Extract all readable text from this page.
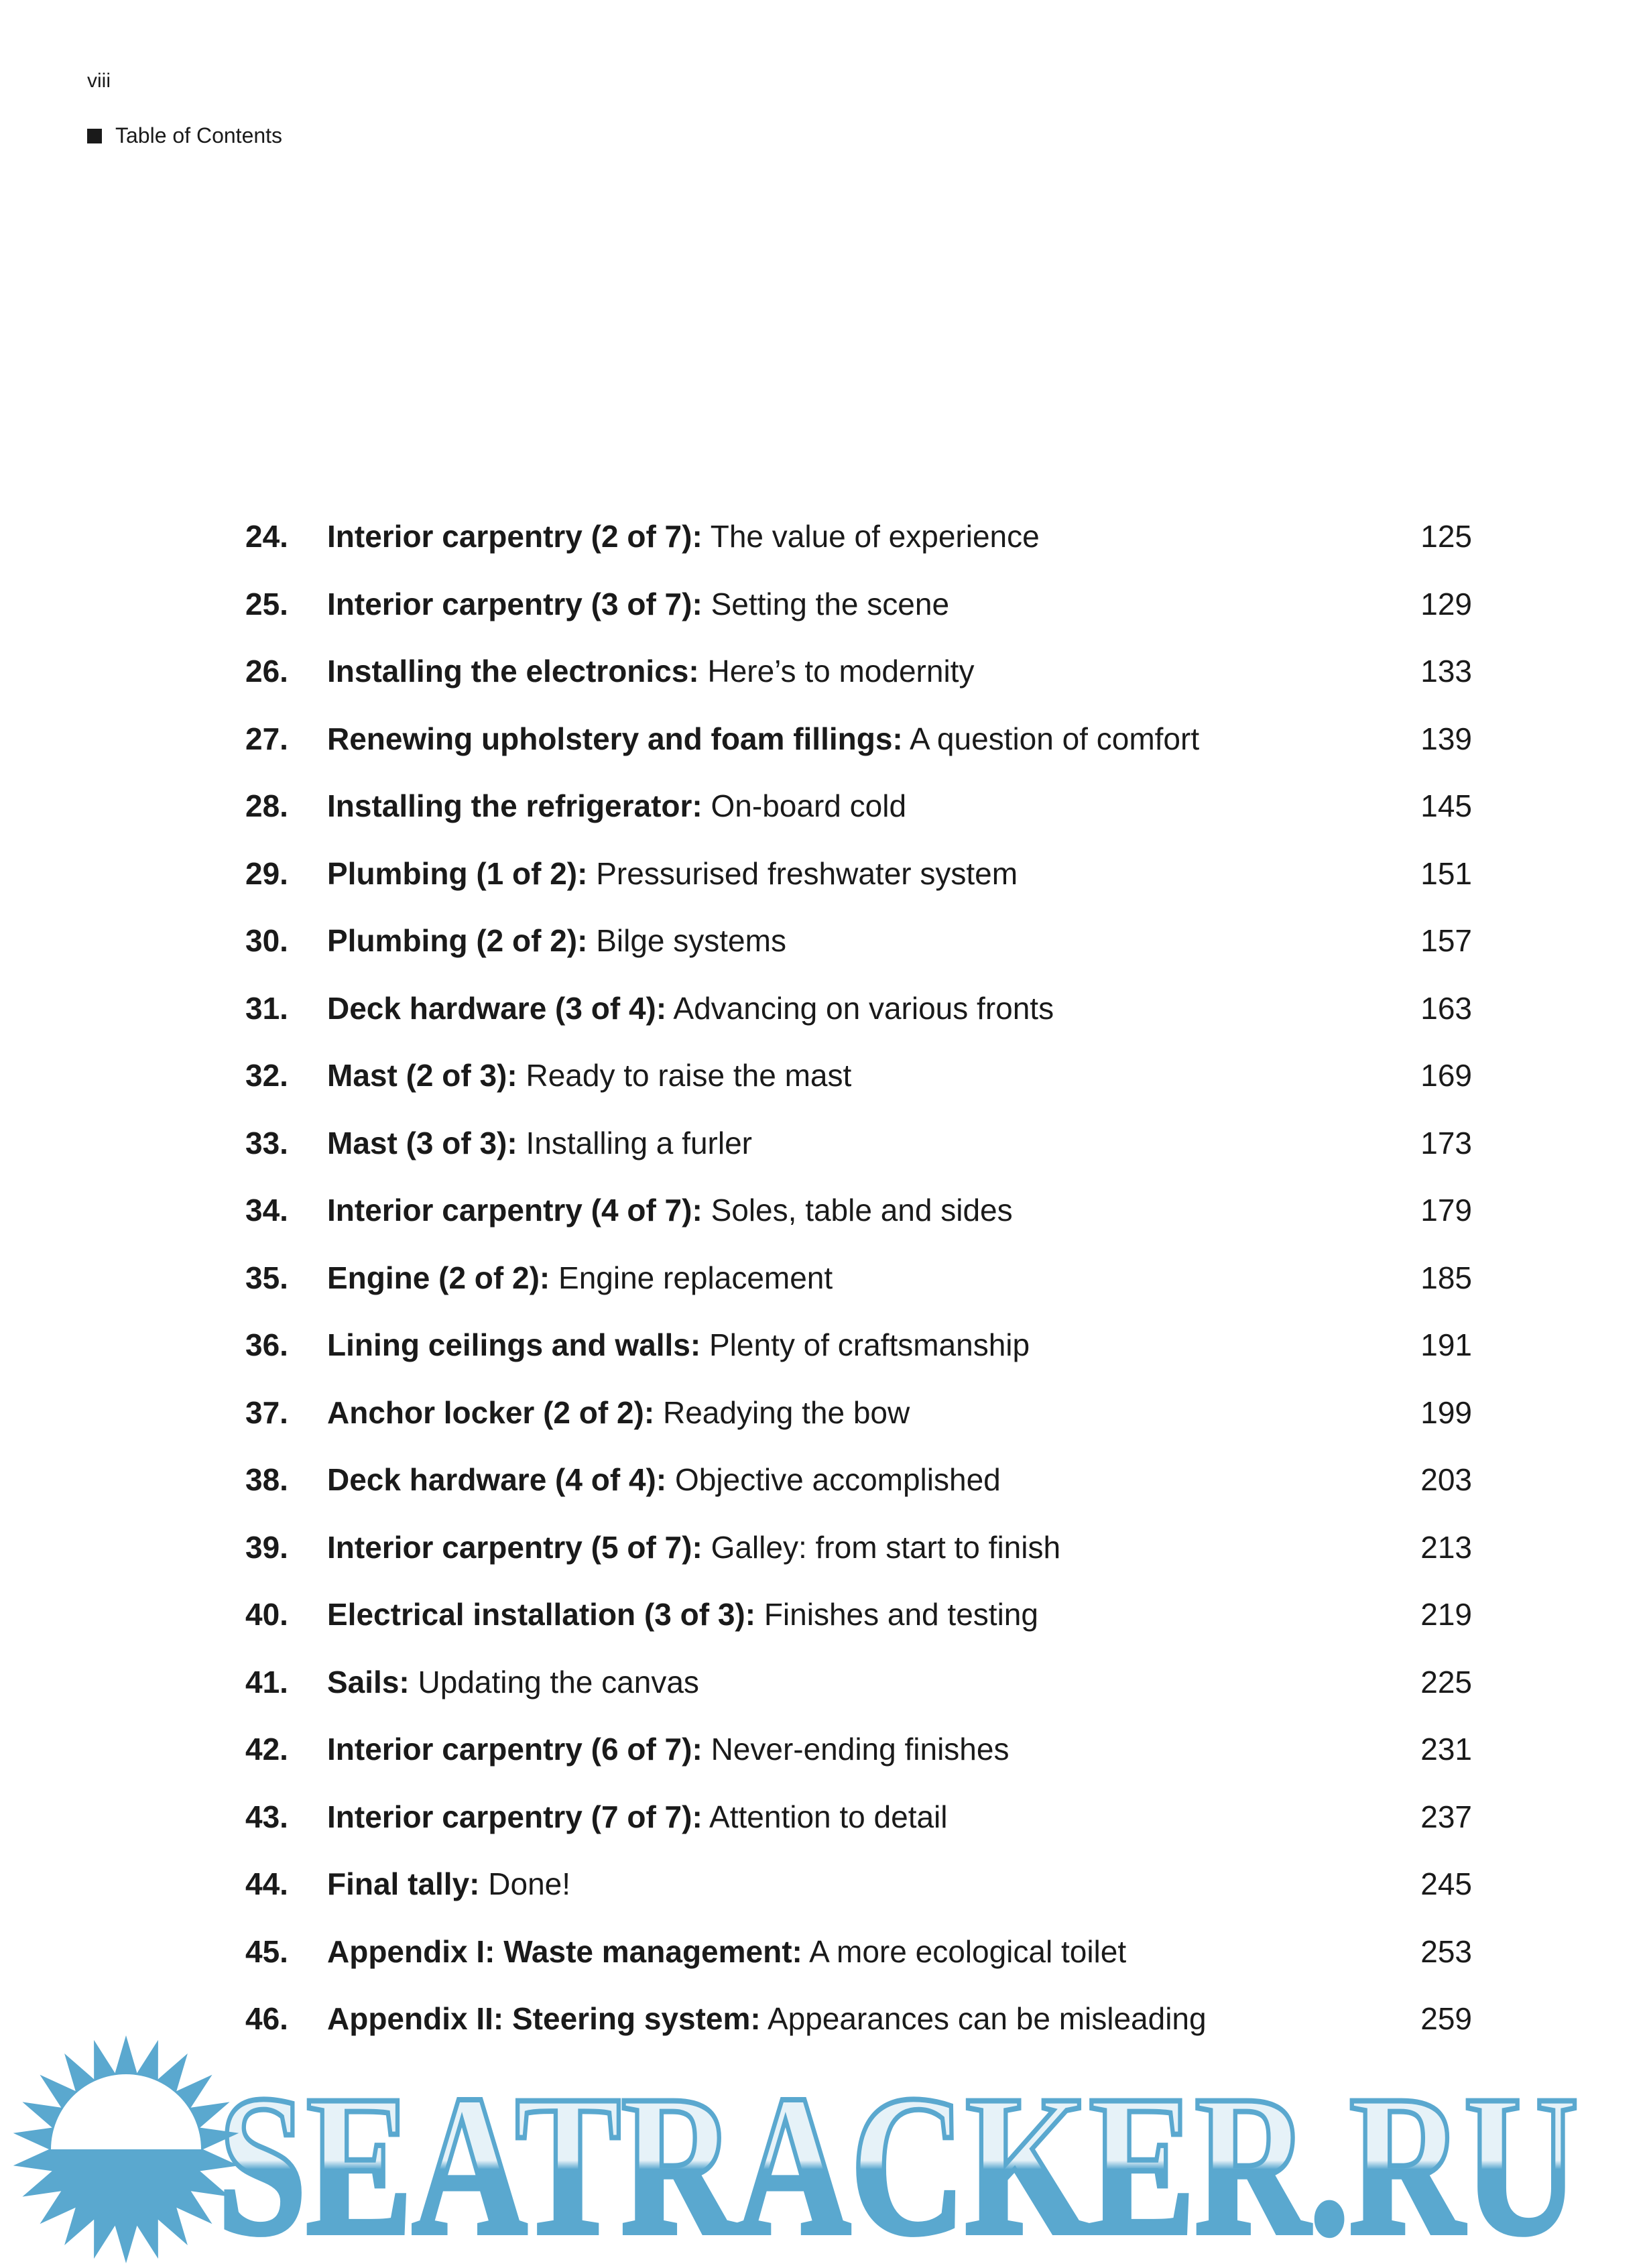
viii
Table of Contents
24. Interior carpentry (2 of 7): The value of experience	125
25. Interior carpentry (3 of 7): Setting the scene	129
26. Installing the electronics: Here’s to modernity	133
27. Renewing upholstery and foam fillings: A question of comfort	139
28. Installing the refrigerator: On-board cold	145
29. Plumbing (1 of 2): Pressurised freshwater system	151
30. Plumbing (2 of 2): Bilge systems	157
31. Deck hardware (3 of 4): Advancing on various fronts	163
32. Mast (2 of 3): Ready to raise the mast	169
33. Mast (3 of 3): Installing a furler	173
34. Interior carpentry (4 of 7): Soles, table and sides	179
35. Engine (2 of 2): Engine replacement	185
36. Lining ceilings and walls: Plenty of craftsmanship	191
37. Anchor locker (2 of 2): Readying the bow	199
38. Deck hardware (4 of 4): Objective accomplished	203
39. Interior carpentry (5 of 7): Galley: from start to finish	213
40. Electrical installation (3 of 3): Finishes and testing	219
41. Sails: Updating the canvas	225
42. Interior carpentry (6 of 7): Never-ending finishes	231
43. Interior carpentry (7 of 7): Attention to detail	237
44. Final tally: Done!	245
45. Appendix I: Waste management: A more ecological toilet	253
46. Appendix II: Steering system: Appearances can be misleading	259
SEATRACKER.RU
